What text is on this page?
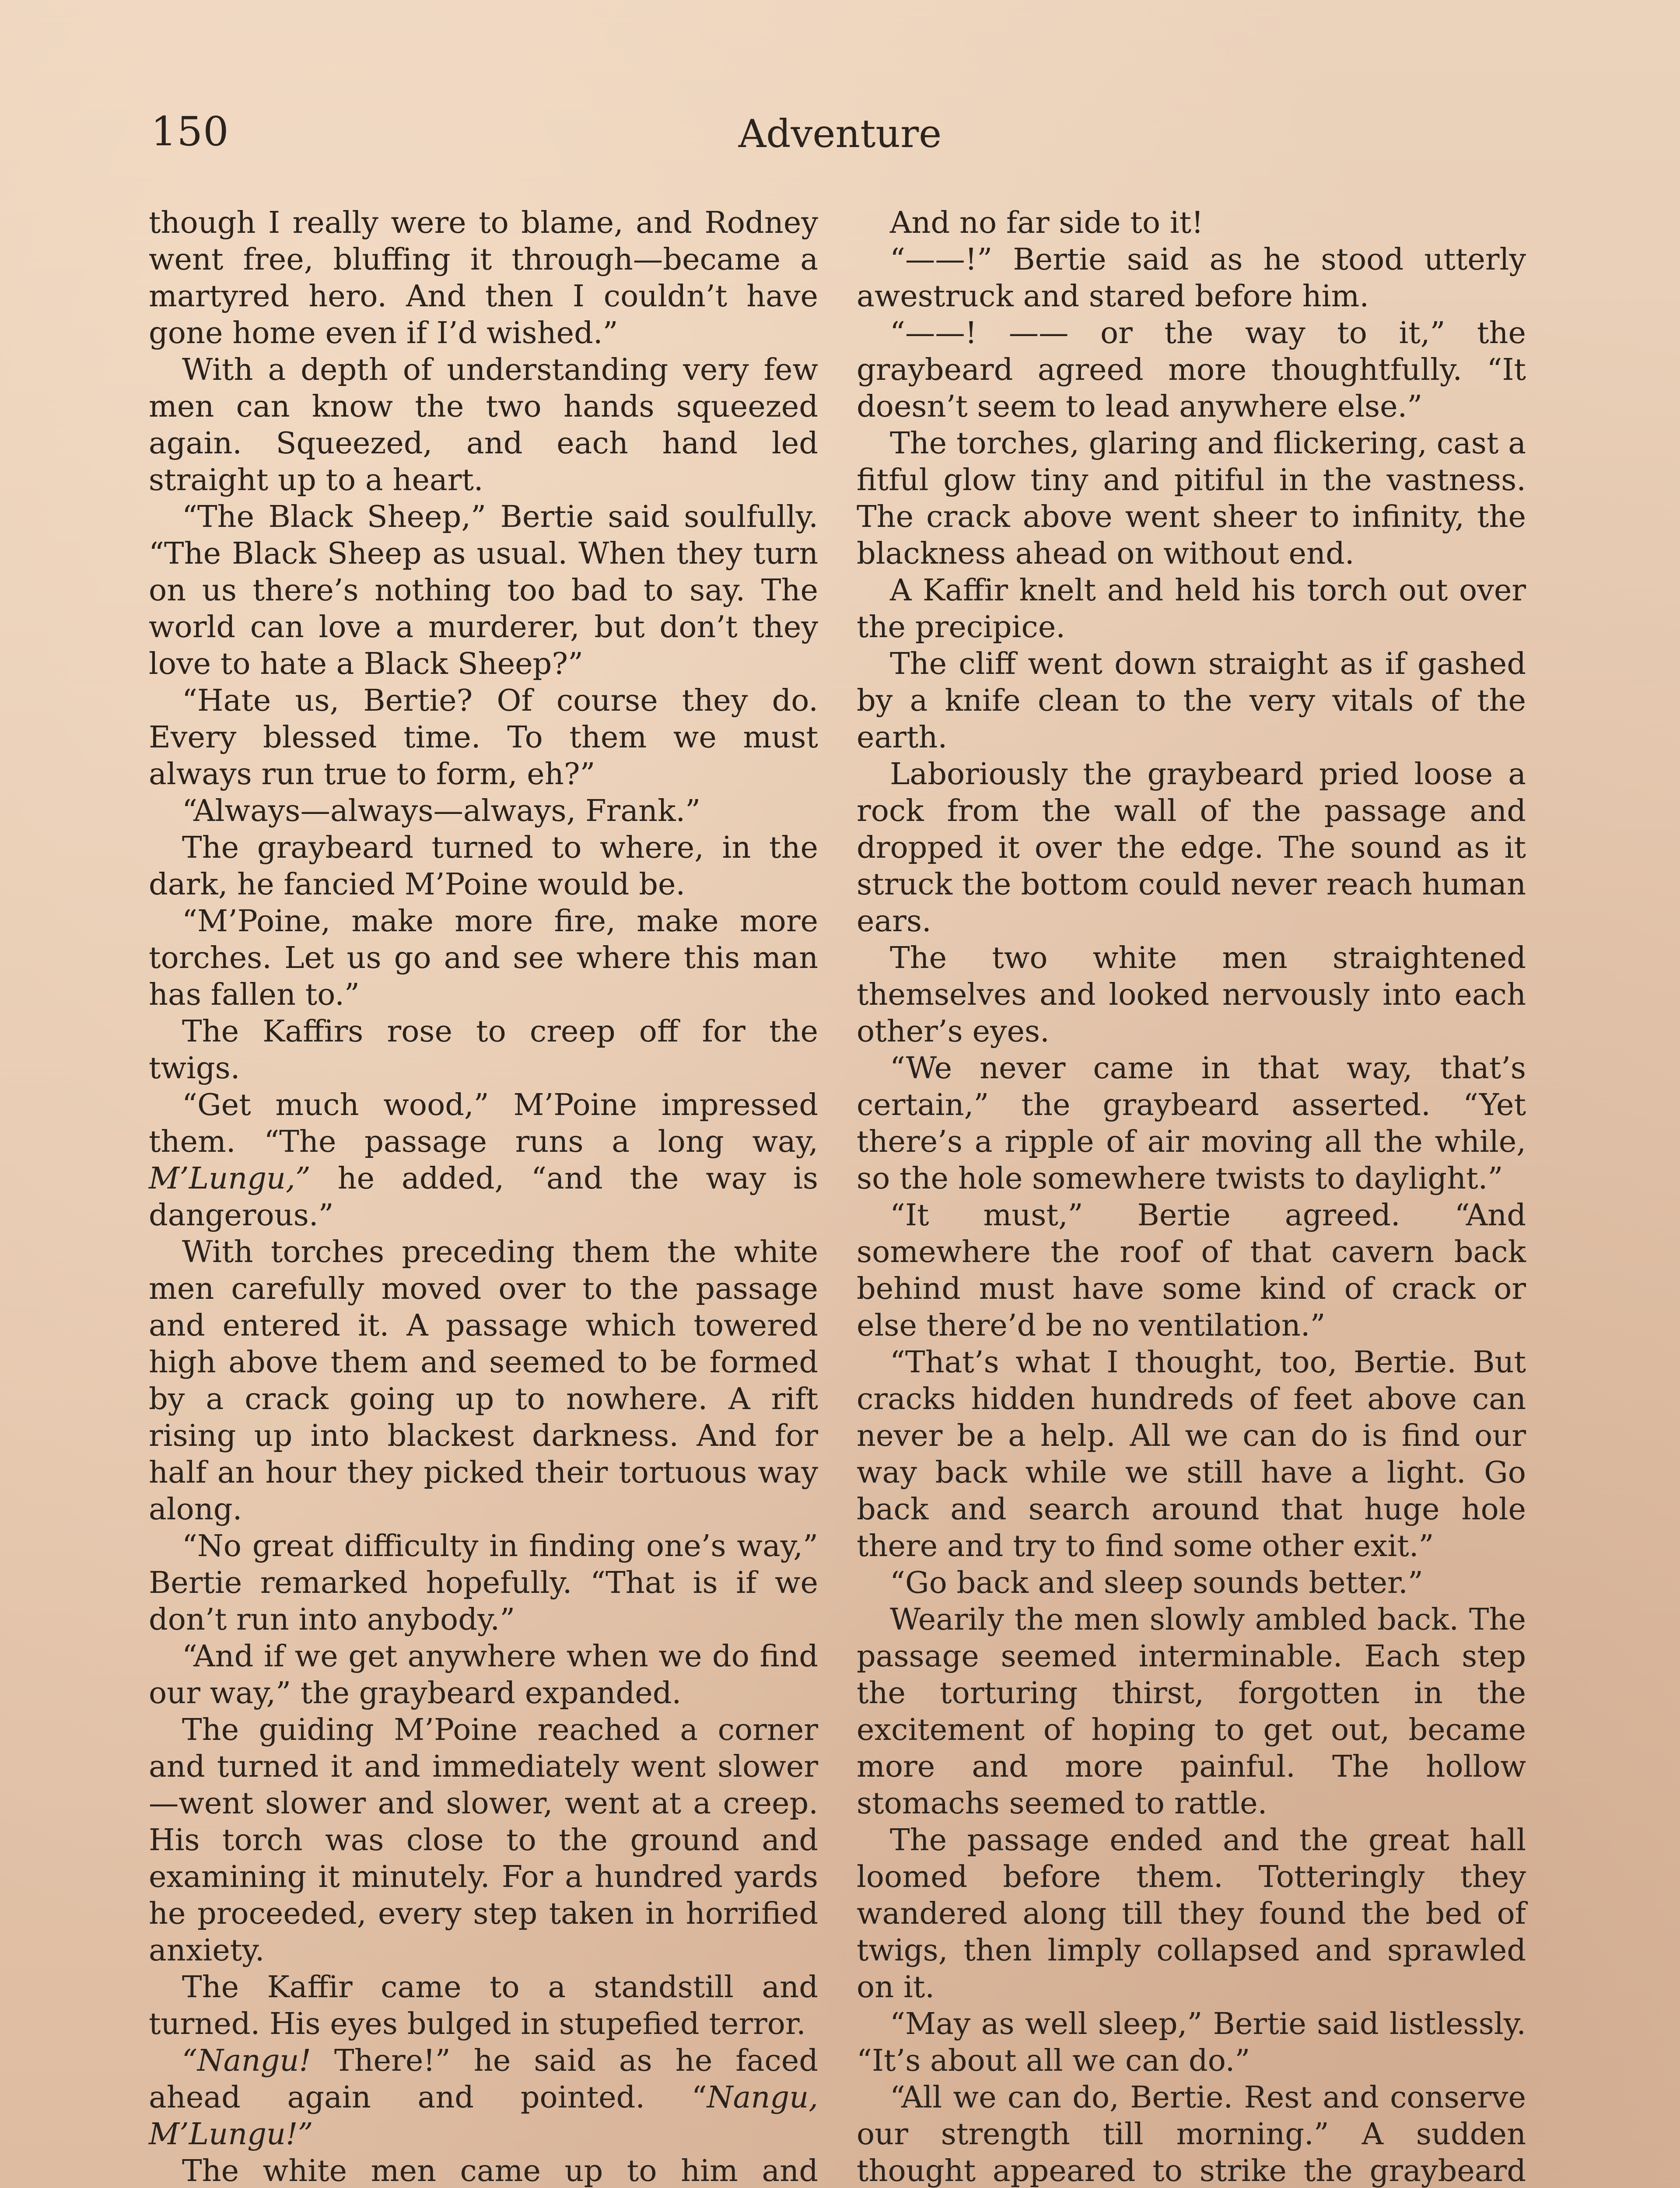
150	Adventure

though I really were to blame, and Rodney went free, bluffing it through—became a martyred hero. And then I couldn’t have gone home even if I’d wished.”

With a depth of understanding very few men can know the two hands squeezed again. Squeezed, and each hand led straight up to a heart.

“The Black Sheep,” Bertie said soulfully. “The Black Sheep as usual. When they turn on us there’s nothing too bad to say. The world can love a murderer, but don’t they love to hate a Black Sheep?”

“Hate us, Bertie? Of course they do. Every blessed time. To them we must always run true to form, eh?”

“Always—always—always, Frank.”

The graybeard turned to where, in the dark, he fancied M’Poine would be.

“M’Poine, make more fire, make more torches. Let us go and see where this man has fallen to.”

The Kaffirs rose to creep off for the twigs.

“Get much wood,” M’Poine impressed them. “The passage runs a long way, M’Lungu,” he added, “and the way is dangerous.”

With torches preceding them the white men carefully moved over to the passage and entered it. A passage which towered high above them and seemed to be formed by a crack going up to nowhere. A rift rising up into blackest darkness. And for half an hour they picked their tortuous way along.

“No great difficulty in finding one’s way,” Bertie remarked hopefully. “That is if we don’t run into anybody.”

“And if we get anywhere when we do find our way,” the graybeard expanded.

The guiding M’Poine reached a corner and turned it and immediately went slower—went slower and slower, went at a creep. His torch was close to the ground and examining it minutely. For a hundred yards he proceeded, every step taken in horrified anxiety.

The Kaffir came to a standstill and turned. His eyes bulged in stupefied terror.

“Nangu! There!” he said as he faced ahead again and pointed. “Nangu, M’Lungu!”

The white men came up to him and

And no far side to it!

“——!” Bertie said as he stood utterly awestruck and stared before him.

“——! —— or the way to it,” the graybeard agreed more thoughtfully. “It doesn’t seem to lead anywhere else.”

The torches, glaring and flickering, cast a fitful glow tiny and pitiful in the vastness. The crack above went sheer to infinity, the blackness ahead on without end.

A Kaffir knelt and held his torch out over the precipice.

The cliff went down straight as if gashed by a knife clean to the very vitals of the earth.

Laboriously the graybeard pried loose a rock from the wall of the passage and dropped it over the edge. The sound as it struck the bottom could never reach human ears.

The two white men straightened themselves and looked nervously into each other’s eyes.

“We never came in that way, that’s certain,” the graybeard asserted. “Yet there’s a ripple of air moving all the while, so the hole somewhere twists to daylight.”

“It must,” Bertie agreed. “And somewhere the roof of that cavern back behind must have some kind of crack or else there’d be no ventilation.”

“That’s what I thought, too, Bertie. But cracks hidden hundreds of feet above can never be a help. All we can do is find our way back while we still have a light. Go back and search around that huge hole there and try to find some other exit.”

“Go back and sleep sounds better.”

Wearily the men slowly ambled back. The passage seemed interminable. Each step the torturing thirst, forgotten in the excitement of hoping to get out, became more and more painful. The hollow stomachs seemed to rattle.

The passage ended and the great hall loomed before them. Totteringly they wandered along till they found the bed of twigs, then limply collapsed and sprawled on it.

“May as well sleep,” Bertie said listlessly. “It’s about all we can do.”

“All we can do, Bertie. Rest and conserve our strength till morning.” A sudden thought appeared to strike the graybeard
